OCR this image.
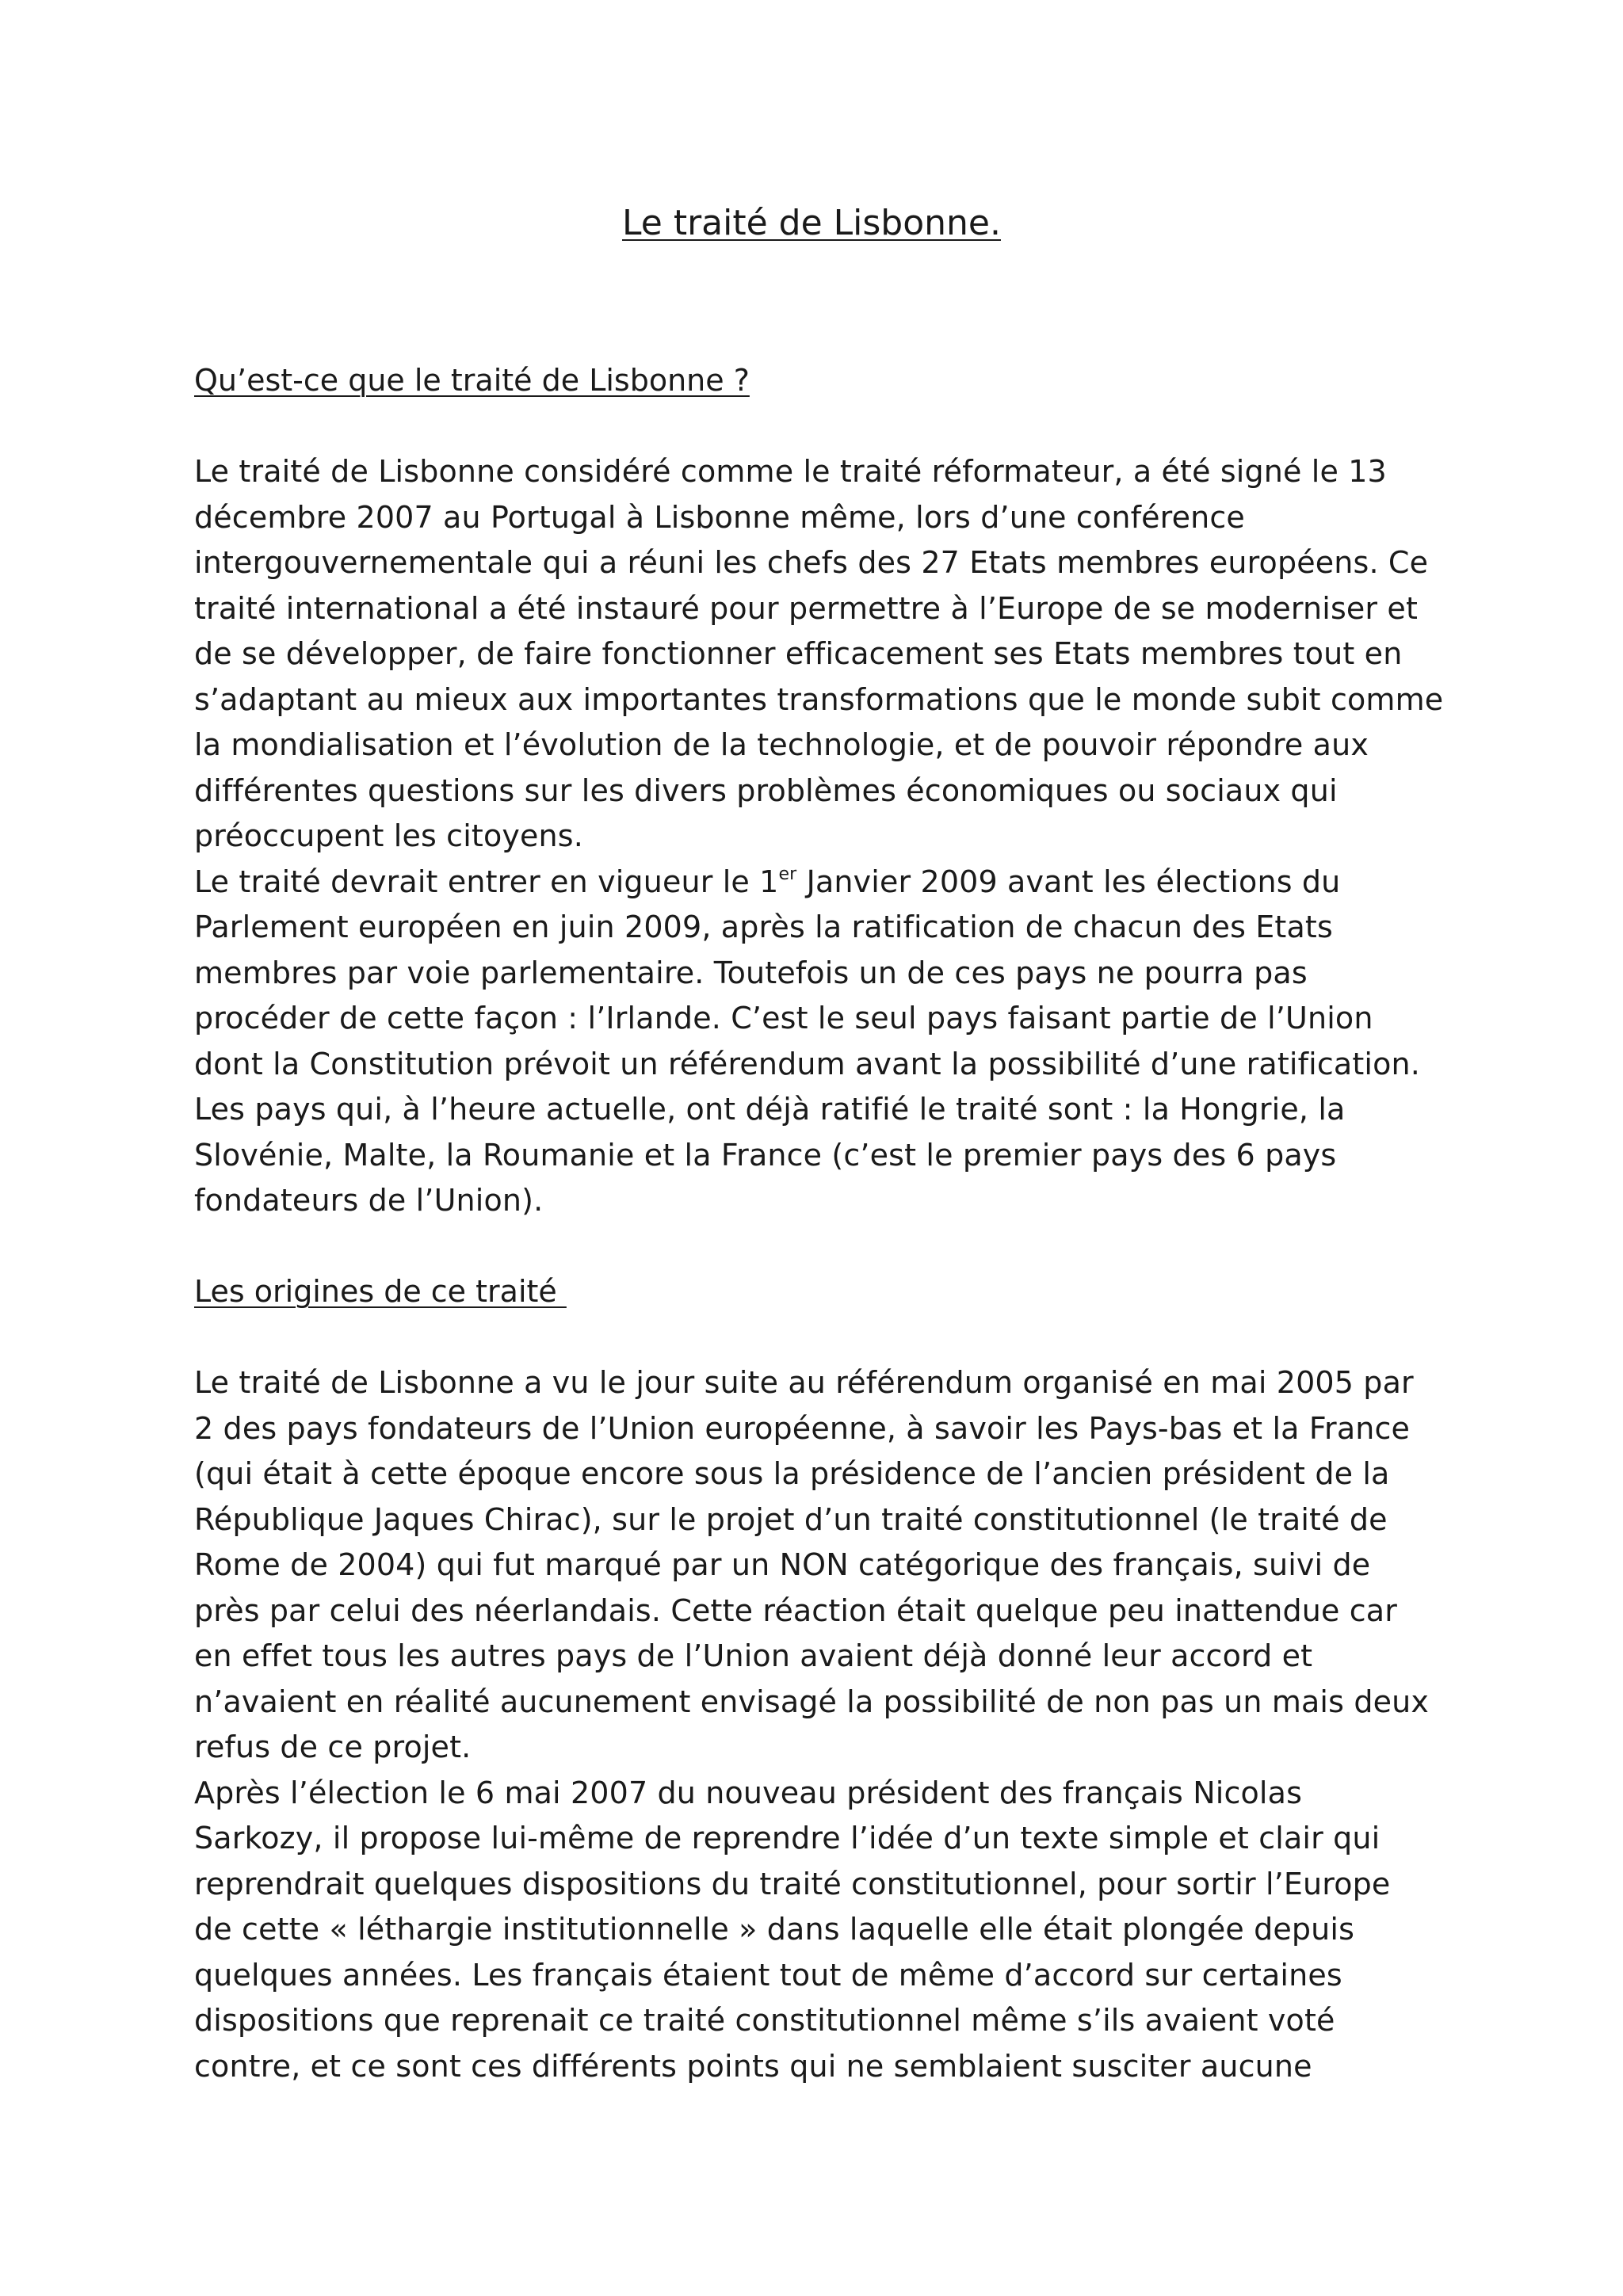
Le traité de Lisbonne.
Qu’est-ce que le traité de Lisbonne ?

Le traité de Lisbonne considéré comme le traité réformateur, a été signé le 13
décembre 2007 au Portugal à Lisbonne même, lors d’une conférence
intergouvernementale qui a réuni les chefs des 27 Etats membres européens. Ce
traité international a été instauré pour permettre à l’Europe de se moderniser et
de se développer, de faire fonctionner efficacement ses Etats membres tout en
s’adaptant au mieux aux importantes transformations que le monde subit comme
la mondialisation et l’évolution de la technologie, et de pouvoir répondre aux
différentes questions sur les divers problèmes économiques ou sociaux qui
préoccupent les citoyens.

Le traité devrait entrer en vigueur le 1er Janvier 2009 avant les élections du
Parlement européen en juin 2009, après la ratification de chacun des Etats
membres par voie parlementaire. Toutefois un de ces pays ne pourra pas
procéder de cette façon : l’Irlande. C’est le seul pays faisant partie de l’Union
dont la Constitution prévoit un référendum avant la possibilité d’une ratification.
Les pays qui, à l’heure actuelle, ont déjà ratifié le traité sont : la Hongrie, la
Slovénie, Malte, la Roumanie et la France (c’est le premier pays des 6 pays
fondateurs de l’Union).

Les origines de ce traité

Le traité de Lisbonne a vu le jour suite au référendum organisé en mai 2005 par
2 des pays fondateurs de l’Union européenne, à savoir les Pays-bas et la France
(qui était à cette époque encore sous la présidence de l’ancien président de la
République Jaques Chirac), sur le projet d’un traité constitutionnel (le traité de
Rome de 2004) qui fut marqué par un NON catégorique des français, suivi de
près par celui des néerlandais. Cette réaction était quelque peu inattendue car
en effet tous les autres pays de l’Union avaient déjà donné leur accord et
n’avaient en réalité aucunement envisagé la possibilité de non pas un mais deux
refus de ce projet.

Après l’élection le 6 mai 2007 du nouveau président des français Nicolas
Sarkozy, il propose lui-même de reprendre l’idée d’un texte simple et clair qui
reprendrait quelques dispositions du traité constitutionnel, pour sortir l’Europe
de cette « léthargie institutionnelle » dans laquelle elle était plongée depuis
quelques années. Les français étaient tout de même d’accord sur certaines
dispositions que reprenait ce traité constitutionnel même s’ils avaient voté
contre, et ce sont ces différents points qui ne semblaient susciter aucune
